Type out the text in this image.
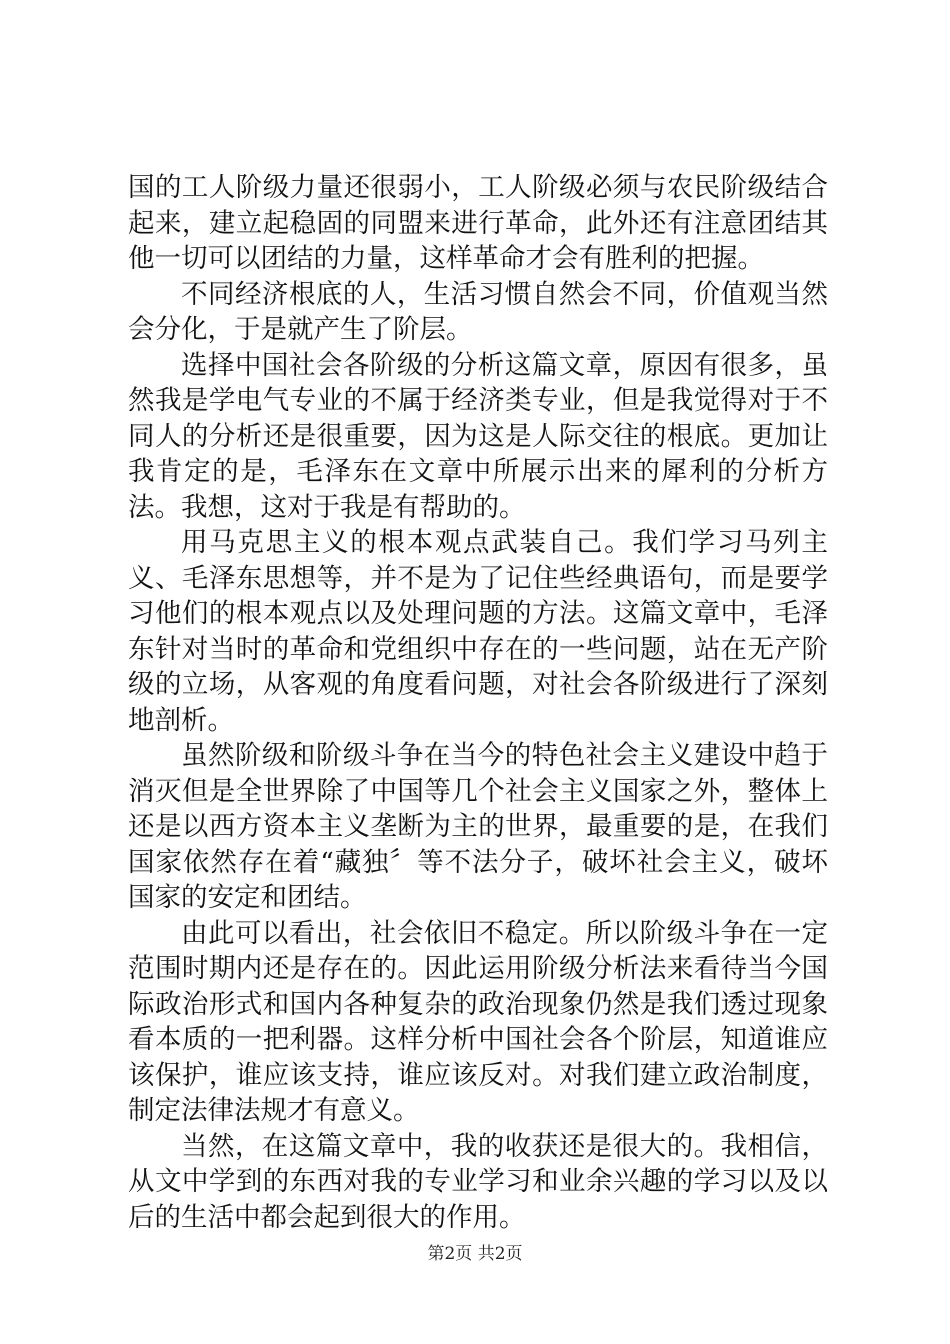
国的工人阶级力量还很弱小，工人阶级必须与农民阶级结合起来，建立起稳固的同盟来进行革命，此外还有注意团结其他一切可以团结的力量，这样革命才会有胜利的把握。

不同经济根底的人，生活习惯自然会不同，价值观当然会分化，于是就产生了阶层。

选择中国社会各阶级的分析这篇文章，原因有很多，虽然我是学电气专业的不属于经济类专业，但是我觉得对于不同人的分析还是很重要，因为这是人际交往的根底。更加让我肯定的是，毛泽东在文章中所展示出来的犀利的分析方法。我想，这对于我是有帮助的。

用马克思主义的根本观点武装自己。我们学习马列主义、毛泽东思想等，并不是为了记住些经典语句，而是要学习他们的根本观点以及处理问题的方法。这篇文章中，毛泽东针对当时的革命和党组织中存在的一些问题，站在无产阶级的立场，从客观的角度看问题，对社会各阶级进行了深刻地剖析。

虽然阶级和阶级斗争在当今的特色社会主义建设中趋于消灭但是全世界除了中国等几个社会主义国家之外，整体上还是以西方资本主义垄断为主的世界，最重要的是，在我们国家依然存在着“藏独〞等不法分子，破坏社会主义，破坏国家的安定和团结。

由此可以看出，社会依旧不稳定。所以阶级斗争在一定范围时期内还是存在的。因此运用阶级分析法来看待当今国际政治形式和国内各种复杂的政治现象仍然是我们透过现象看本质的一把利器。这样分析中国社会各个阶层，知道谁应该保护，谁应该支持，谁应该反对。对我们建立政治制度，制定法律法规才有意义。

当然，在这篇文章中，我的收获还是很大的。我相信，从文中学到的东西对我的专业学习和业余兴趣的学习以及以后的生活中都会起到很大的作用。

第2页 共2页
